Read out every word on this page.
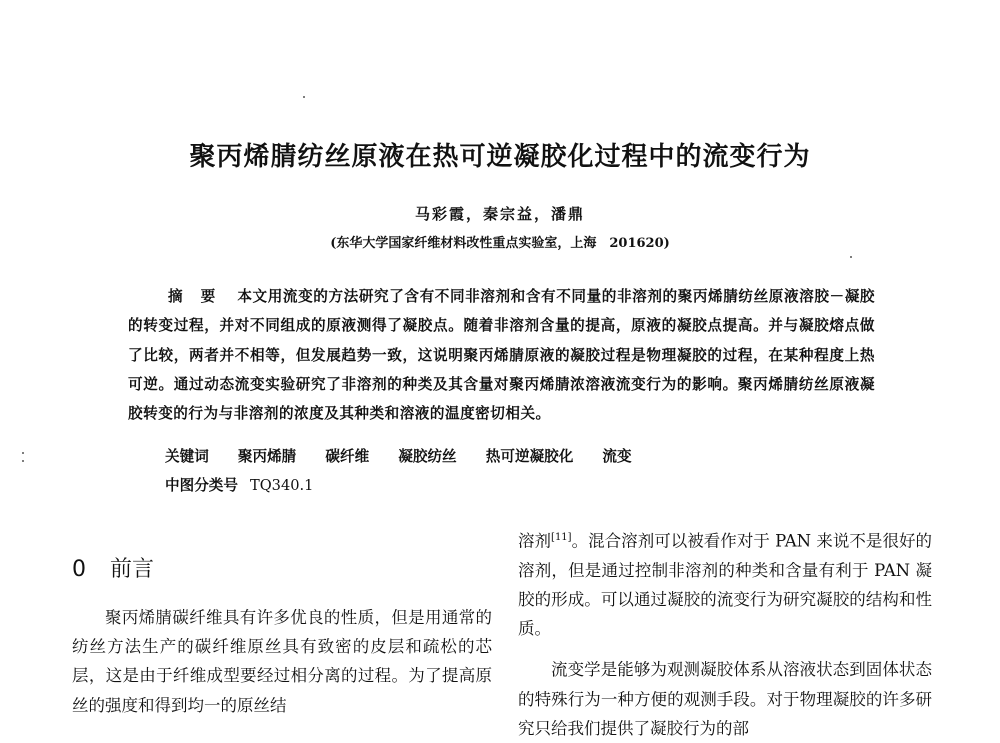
聚丙烯腈纺丝原液在热可逆凝胶化过程中的流变行为
马彩霞，秦宗益，潘鼎
(东华大学国家纤维材料改性重点实验室，上海　201620)
摘要 本文用流变的方法研究了含有不同非溶剂和含有不同量的非溶剂的聚丙烯腈纺丝原液溶胶－凝胶的转变过程，并对不同组成的原液测得了凝胶点。随着非溶剂含量的提高，原液的凝胶点提高。并与凝胶熔点做了比较，两者并不相等，但发展趋势一致，这说明聚丙烯腈原液的凝胶过程是物理凝胶的过程，在某种程度上热可逆。通过动态流变实验研究了非溶剂的种类及其含量对聚丙烯腈浓溶液流变行为的影响。聚丙烯腈纺丝原液凝胶转变的行为与非溶剂的浓度及其种类和溶液的温度密切相关。
关键词 聚丙烯腈 碳纤维 凝胶纺丝 热可逆凝胶化 流变
中图分类号 TQ340.1
0 前言

聚丙烯腈碳纤维具有许多优良的性质，但是用通常的纺丝方法生产的碳纤维原丝具有致密的皮层和疏松的芯层，这是由于纤维成型要经过相分离的过程。为了提高原丝的强度和得到均一的原丝结

溶剂[11]。混合溶剂可以被看作对于 PAN 来说不是很好的溶剂，但是通过控制非溶剂的种类和含量有利于 PAN 凝胶的形成。可以通过凝胶的流变行为研究凝胶的结构和性质。

流变学是能够为观测凝胶体系从溶液状态到固体状态的特殊行为一种方便的观测手段。对于物理凝胶的许多研究只给我们提供了凝胶行为的部
